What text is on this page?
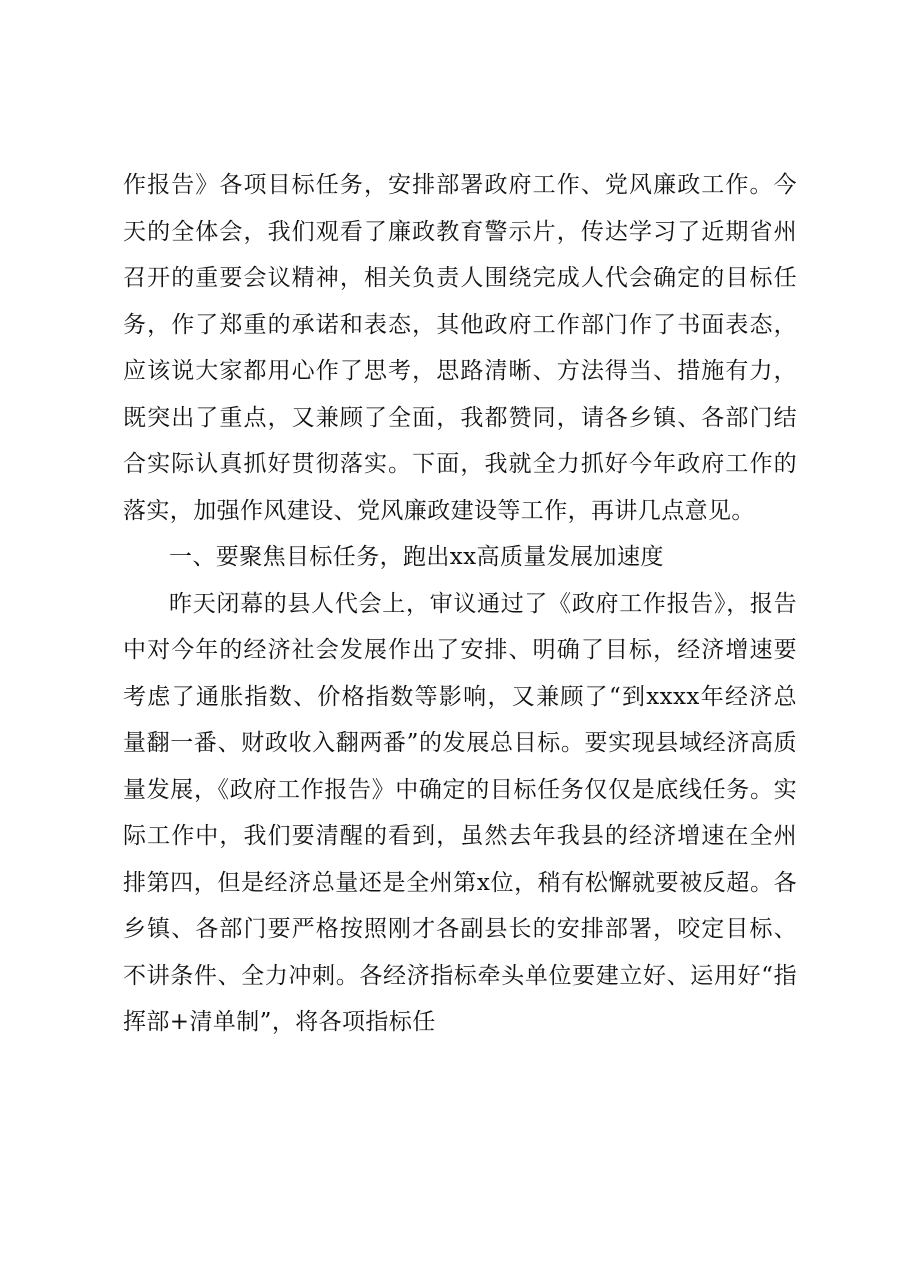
作报告》各项目标任务，安排部署政府工作、党风廉政工作。今天的全体会，我们观看了廉政教育警示片，传达学习了近期省州召开的重要会议精神，相关负责人围绕完成人代会确定的目标任务，作了郑重的承诺和表态，其他政府工作部门作了书面表态，应该说大家都用心作了思考，思路清晰、方法得当、措施有力，既突出了重点，又兼顾了全面，我都赞同，请各乡镇、各部门结合实际认真抓好贯彻落实。下面，我就全力抓好今年政府工作的落实，加强作风建设、党风廉政建设等工作，再讲几点意见。

一、要聚焦目标任务，跑出xx高质量发展加速度

昨天闭幕的县人代会上，审议通过了《政府工作报告》，报告中对今年的经济社会发展作出了安排、明确了目标，经济增速要考虑了通胀指数、价格指数等影响，又兼顾了“到xxxx年经济总量翻一番、财政收入翻两番”的发展总目标。要实现县域经济高质量发展，《政府工作报告》中确定的目标任务仅仅是底线任务。实际工作中，我们要清醒的看到，虽然去年我县的经济增速在全州排第四，但是经济总量还是全州第x位，稍有松懈就要被反超。各乡镇、各部门要严格按照刚才各副县长的安排部署，咬定目标、不讲条件、全力冲刺。各经济指标牵头单位要建立好、运用好“指挥部+清单制”，将各项指标任
